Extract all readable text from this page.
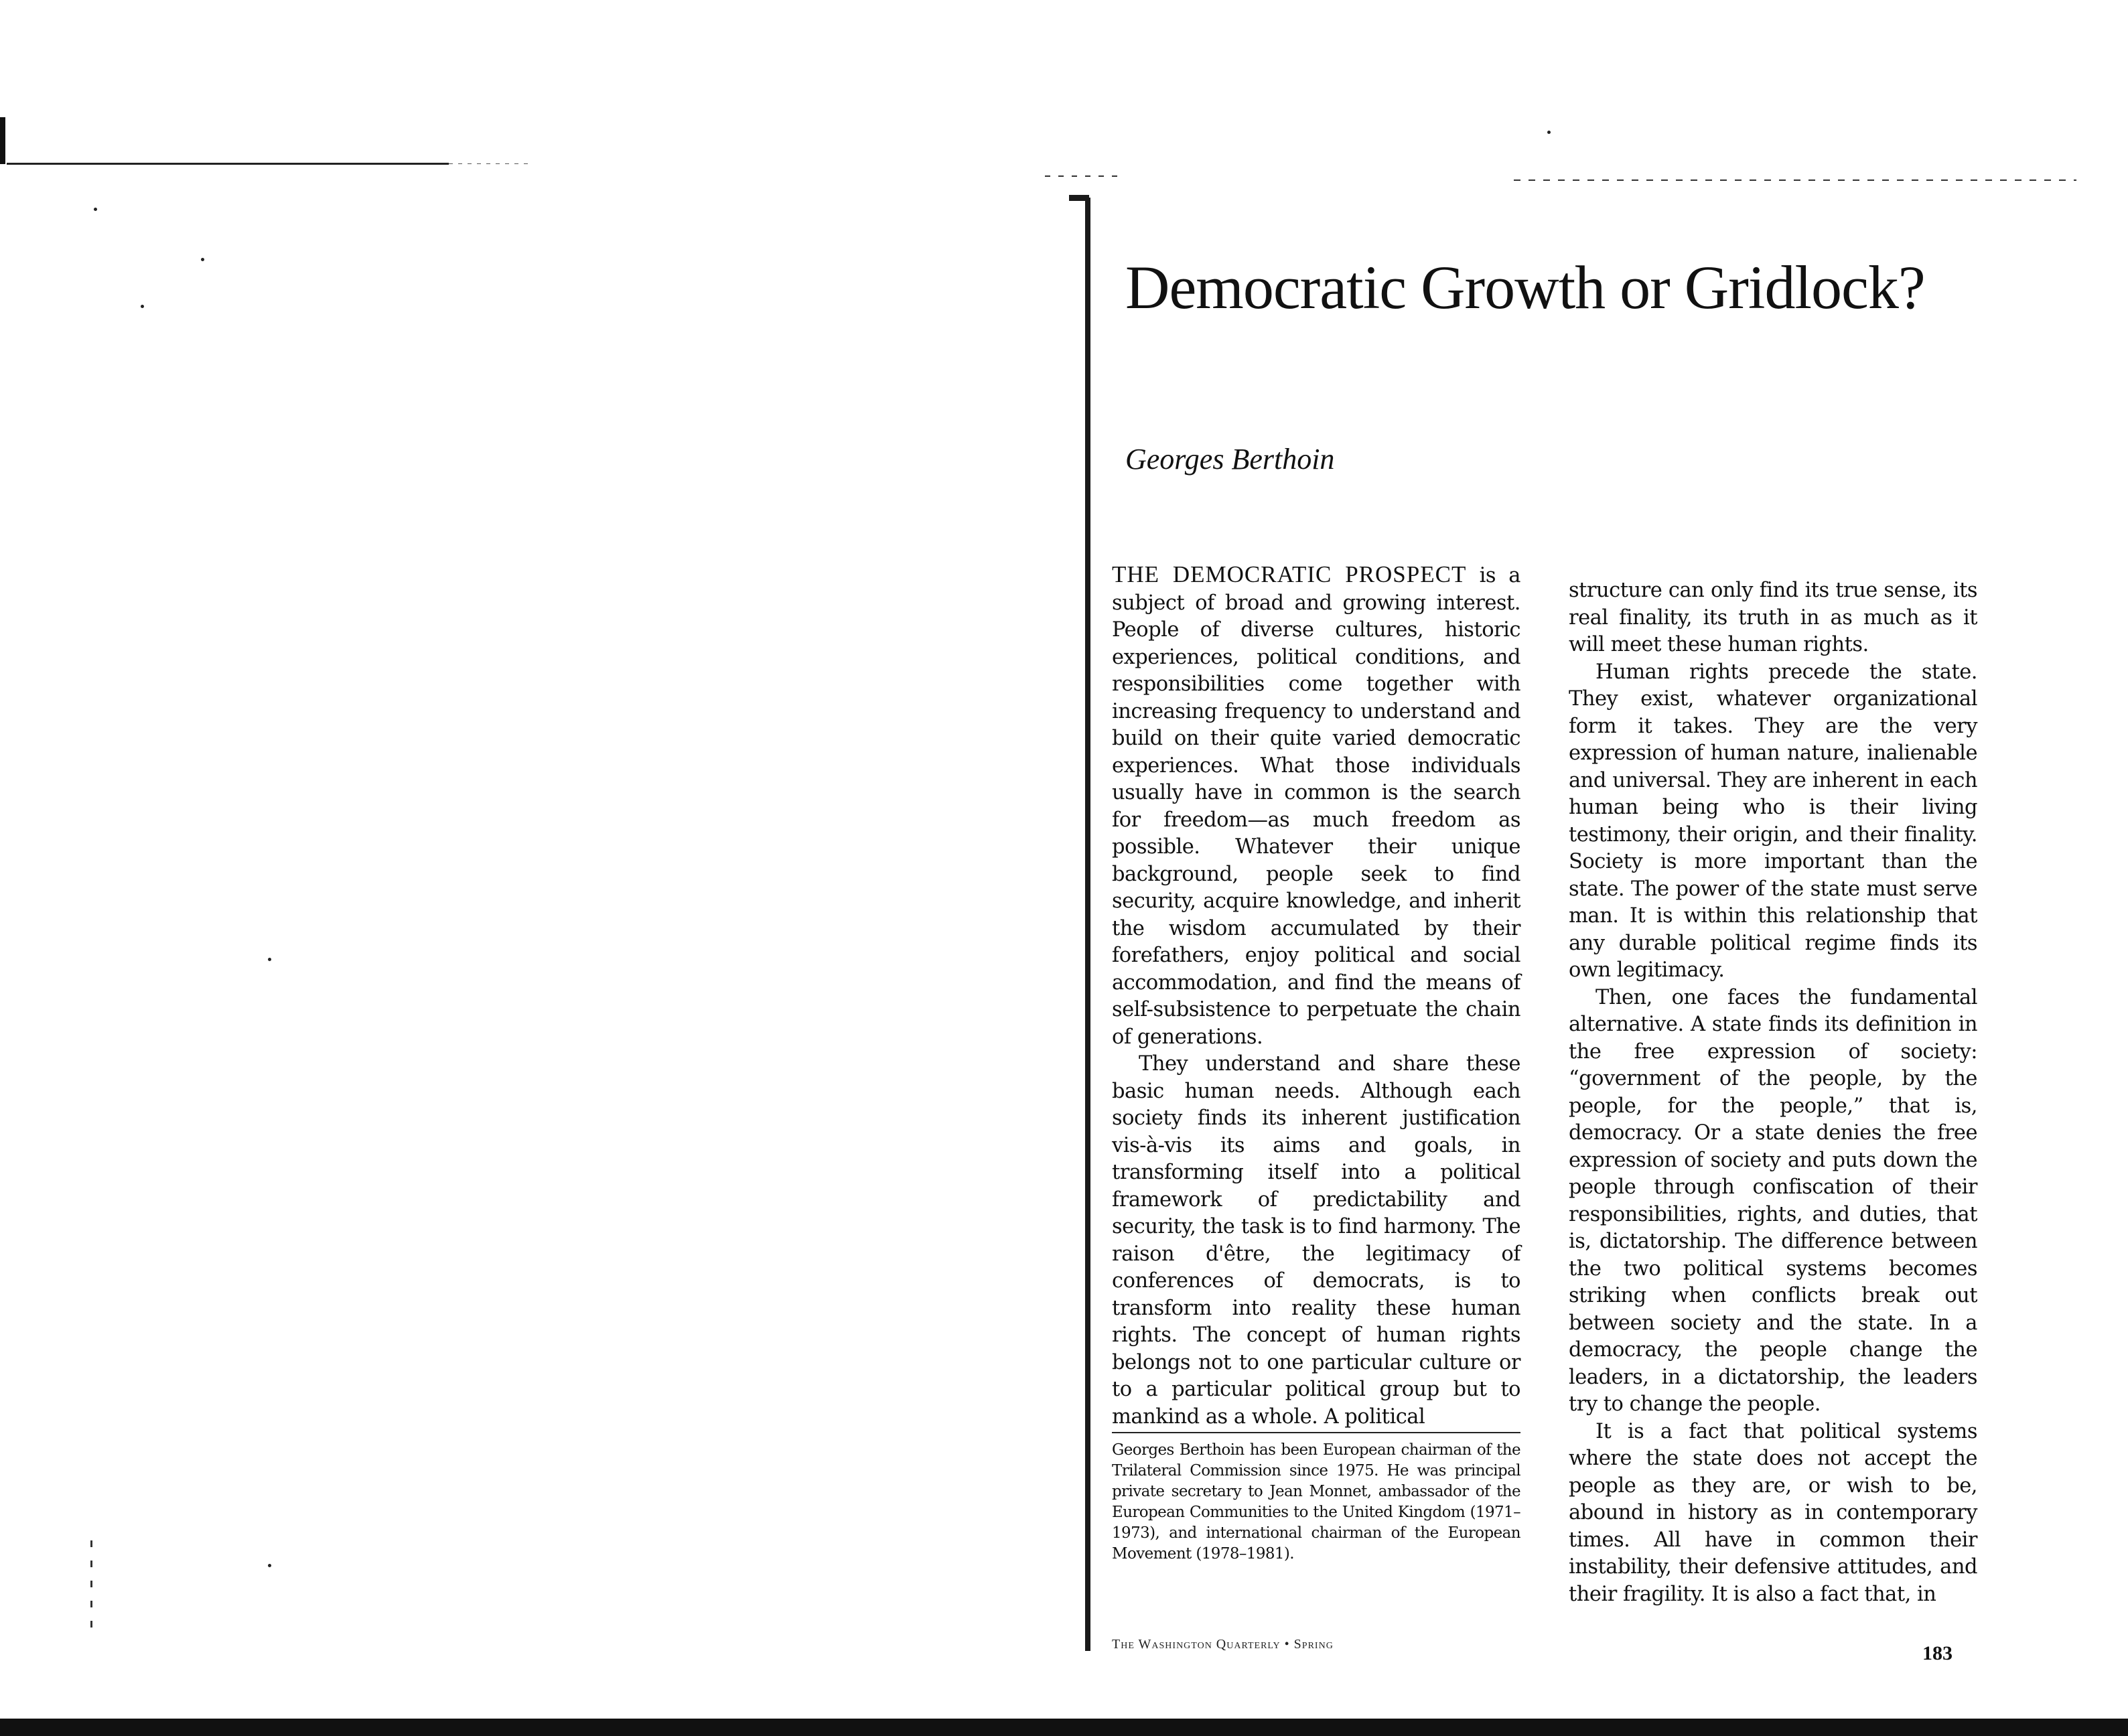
Democratic Growth or Gridlock?

Georges Berthoin

THE DEMOCRATIC PROSPECT is a subject of broad and growing interest. People of diverse cultures, historic experiences, political conditions, and responsibilities come together with increasing frequency to understand and build on their quite varied democratic experiences. What those individuals usually have in common is the search for freedom—as much freedom as possible. Whatever their unique background, people seek to find security, acquire knowledge, and inherit the wisdom accumulated by their forefathers, enjoy political and social accommodation, and find the means of self-subsistence to perpetuate the chain of generations.

They understand and share these basic human needs. Although each society finds its inherent justification vis-à-vis its aims and goals, in transforming itself into a political framework of predictability and security, the task is to find harmony. The raison d'être, the legitimacy of conferences of democrats, is to transform into reality these human rights. The concept of human rights belongs not to one particular culture or to a particular political group but to mankind as a whole. A political

structure can only find its true sense, its real finality, its truth in as much as it will meet these human rights.

Human rights precede the state. They exist, whatever organizational form it takes. They are the very expression of human nature, inalienable and universal. They are inherent in each human being who is their living testimony, their origin, and their finality. Society is more important than the state. The power of the state must serve man. It is within this relationship that any durable political regime finds its own legitimacy.

Then, one faces the fundamental alternative. A state finds its definition in the free expression of society: “government of the people, by the people, for the people,” that is, democracy. Or a state denies the free expression of society and puts down the people through confiscation of their responsibilities, rights, and duties, that is, dictatorship. The difference between the two political systems becomes striking when conflicts break out between society and the state. In a democracy, the people change the leaders, in a dictatorship, the leaders try to change the people.

It is a fact that political systems where the state does not accept the people as they are, or wish to be, abound in history as in contemporary times. All have in common their instability, their defensive attitudes, and their fragility. It is also a fact that, in

Georges Berthoin has been European chairman of the Trilateral Commission since 1975. He was principal private secretary to Jean Monnet, ambassador of the European Communities to the United Kingdom (1971–1973), and international chairman of the European Movement (1978–1981).

The Washington Quarterly • Spring	183
